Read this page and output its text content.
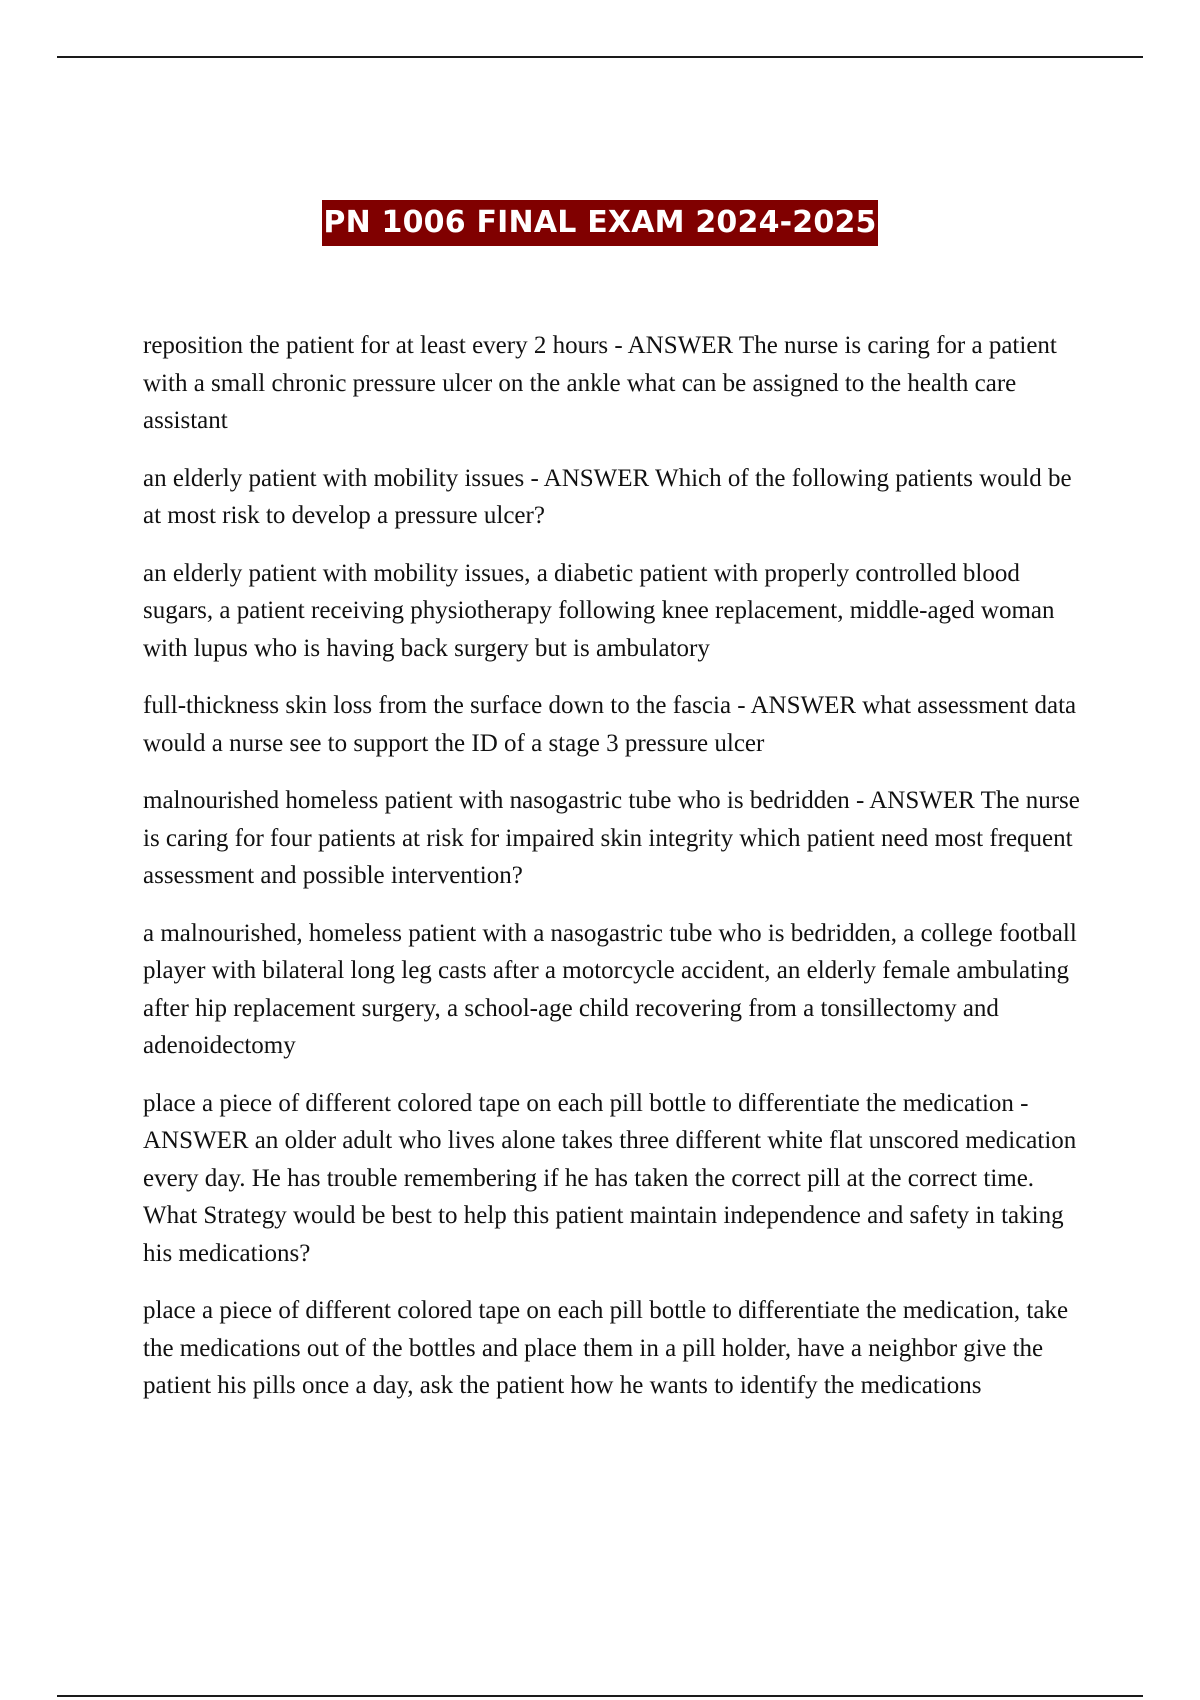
PN 1006 FINAL EXAM 2024-2025

reposition the patient for at least every 2 hours - ANSWER The nurse is caring for a patient with a small chronic pressure ulcer on the ankle what can be assigned to the health care assistant

an elderly patient with mobility issues - ANSWER Which of the following patients would be at most risk to develop a pressure ulcer?

an elderly patient with mobility issues, a diabetic patient with properly controlled blood sugars, a patient receiving physiotherapy following knee replacement, middle-aged woman with lupus who is having back surgery but is ambulatory

full-thickness skin loss from the surface down to the fascia - ANSWER what assessment data would a nurse see to support the ID of a stage 3 pressure ulcer

malnourished homeless patient with nasogastric tube who is bedridden - ANSWER The nurse is caring for four patients at risk for impaired skin integrity which patient need most frequent assessment and possible intervention?

a malnourished, homeless patient with a nasogastric tube who is bedridden, a college football player with bilateral long leg casts after a motorcycle accident, an elderly female ambulating after hip replacement surgery, a school-age child recovering from a tonsillectomy and adenoidectomy

place a piece of different colored tape on each pill bottle to differentiate the medication - ANSWER an older adult who lives alone takes three different white flat unscored medication every day. He has trouble remembering if he has taken the correct pill at the correct time. What Strategy would be best to help this patient maintain independence and safety in taking his medications?

place a piece of different colored tape on each pill bottle to differentiate the medication, take the medications out of the bottles and place them in a pill holder, have a neighbor give the patient his pills once a day, ask the patient how he wants to identify the medications
